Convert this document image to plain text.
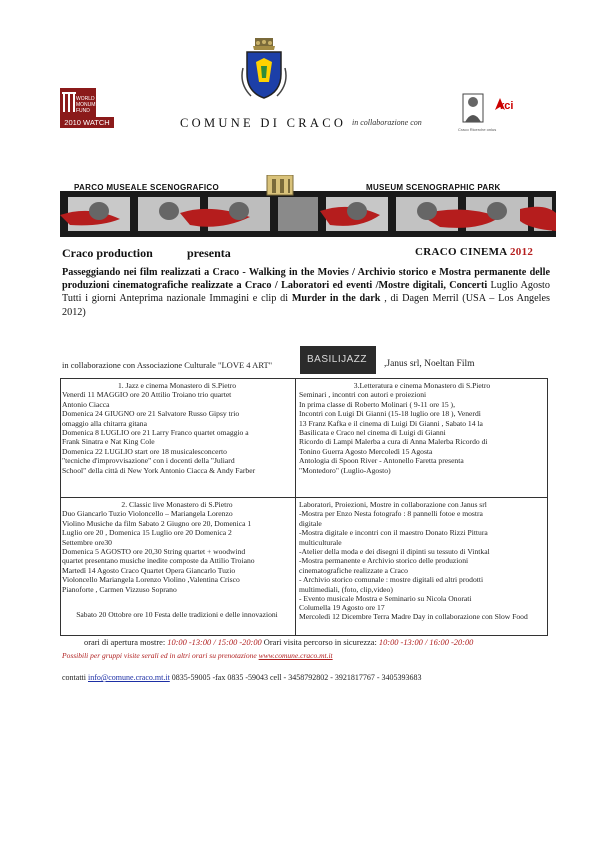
WORLD
MONUMENTS
FUND
2010 WATCH	COMUNE DI CRACO in collaborazione con
Craco Ricerche onlus
rci
PARCO MUSEALE SCENOGRAFICO	MUSEUM SCENOGRAPHIC PARK
Craco production	presenta	CRACO CINEMA 2012
Passeggiando nei film realizzati a Craco - Walking in the Movies / Archivio storico e Mostra permanente delle produzioni cinematografiche realizzate a Craco / Laboratori ed eventi /Mostre digitali, Concerti Luglio Agosto Tutti i giorni Anteprima nazionale Immagini e clip di Murder in the dark , di Dagen Merril (USA – Los Angeles 2012)
in collaborazione con Associazione Culturale "LOVE 4 ART"	BASILIJAZZ ,Janus srl, Noeltan Film
1. Jazz e cinema Monastero di S.Pietro
Venerdì 11 MAGGIO ore 20 Attilio Troiano trio quartet
Antonio Ciacca
Domenica 24 GIUGNO ore 21 Salvatore Russo Gipsy trio
omaggio alla chitarra gitana
Domenica 8 LUGLIO ore 21 Larry Franco quartet omaggio a
Frank Sinatra e Nat King Cole
Domenica 22 LUGLIO start ore 18 musicalesconcerto
"tecniche d'improvvisazione" con i docenti della "Juliard
School" della città di New York Antonio Ciacca & Andy Farber
3.Letteratura e cinema Monastero di S.Pietro
Seminari , incontri con autori e proiezioni
In prima classe di Roberto Molinari ( 9-11 ore 15 ),
Incontri con Luigi Di Gianni (15-18 luglio ore 18 ), Venerdì
13 Franz Kafka e il cinema di Luigi Di Gianni , Sabato 14 la
Basilicata e Craco nel cinema di Luigi di Gianni
Ricordo di Lampi Malerba a cura di Anna Malerba Ricordo di
Tonino Guerra Agosto Mercoledì 15 Agosta
Antologia di Spoon River - Antonello Faretta presenta
"Montedoro" (Luglio-Agosto)
2. Classic live Monastero di S.Pietro
Duo Giancarlo Tuzio Violoncello – Mariangela Lorenzo
Violino Musiche da film Sabato 2 Giugno ore 20, Domenica 1
Luglio ore 20 , Domenica 15 Luglio ore 20 Domenica 2
Settembre ore30
Domenica 5 AGOSTO ore 20,30 String quartet + woodwind
quartet presentano musiche inedite composte da Attilio Troiano
Martedì 14 Agosto Craco Quartet Opera Giancarlo Tuzio
Violoncello Mariangela Lorenzo Violino ,Valentina Crisco
Pianoforte , Carmen Vizzuso Soprano
Sabato 20 Ottobre ore 10 Festa delle tradizioni e delle innovazioni
Laboratori, Proiezioni, Mostre in collaborazione con Janus srl
-Mostra per Enzo Nesta fotografo : 8 pannelli fotoe e mostra
digitale
-Mostra digitale e incontri con il maestro Donato Rizzi Pittura
multiculturale
-Atelier della moda e dei disegni il dipinti su tessuto di Vintkal
-Mostra permanente e Archivio storico delle produzioni
cinematografiche realizzate a Craco
- Archivio storico comunale : mostre digitali ed altri prodotti
multimediali, (foto, clip,video)
- Evento musicale Mostra e Seminario su Nicola Onorati
Columella 19 Agosto ore 17
Mercoledì 12 Dicembre Terra Madre Day in collaborazione con Slow Food
orari di apertura mostre: 10:00 -13:00 / 15:00 -20:00 Orari visita percorso in sicurezza: 10:00 -13:00 / 16:00 -20:00
Possibili per gruppi visite serali ed in altri orari su prenotazione www.comune.craco.mt.it
contatti info@comune.craco.mt.it 0835-59005 -fax 0835 -59043 cell - 3458792802 - 3921817767 - 3405393683
